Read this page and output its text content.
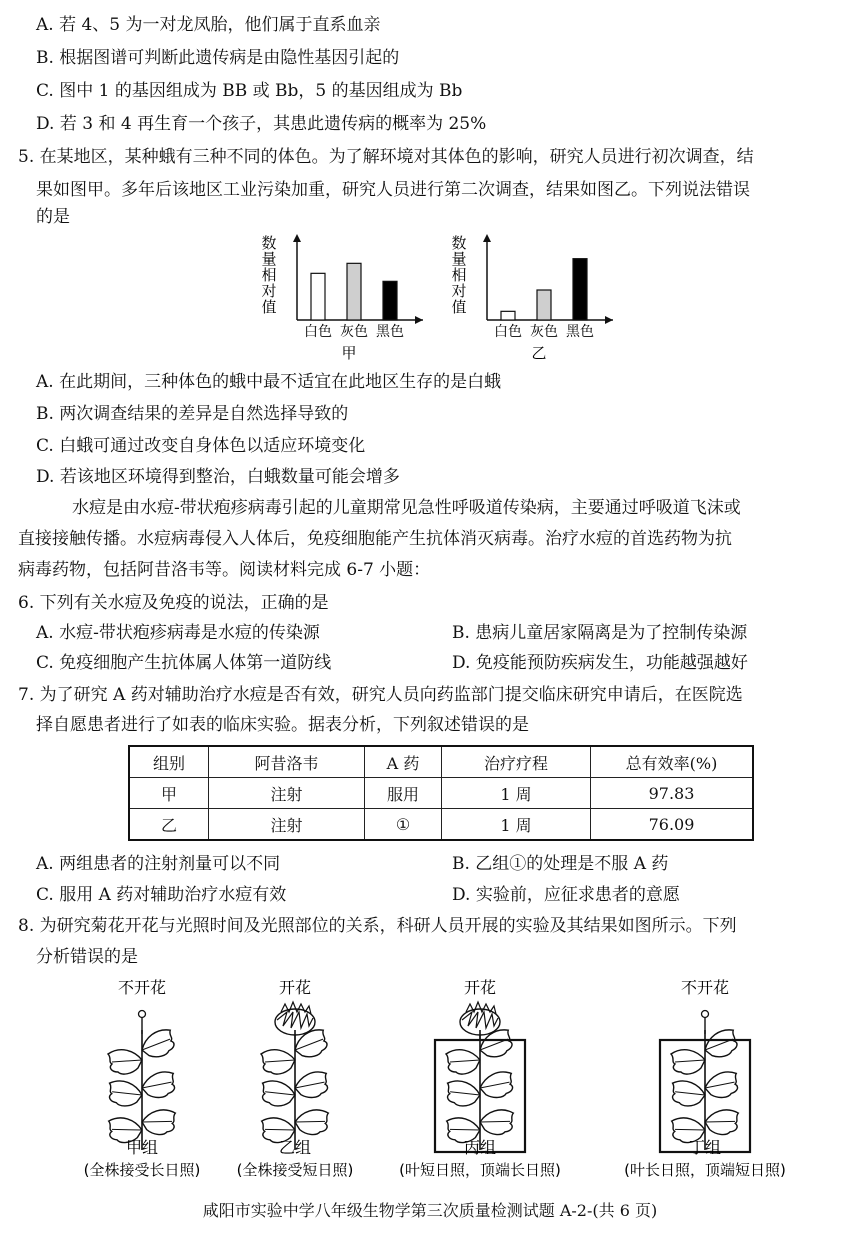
A. 若 4、5 为一对龙凤胎，他们属于直系血亲
B. 根据图谱可判断此遗传病是由隐性基因引起的
C. 图中 1 的基因组成为 BB 或 Bb，5 的基因组成为 Bb
D. 若 3 和 4 再生育一个孩子，其患此遗传病的概率为 25%
5. 在某地区，某种蛾有三种不同的体色。为了解环境对其体色的影响，研究人员进行初次调查，结
果如图甲。多年后该地区工业污染加重，研究人员进行第二次调查，结果如图乙。下列说法错误
的是
数量相对值
白色 灰色 黑色
甲
数量相对值
白色 灰色 黑色
乙
A. 在此期间，三种体色的蛾中最不适宜在此地区生存的是白蛾
B. 两次调查结果的差异是自然选择导致的
C. 白蛾可通过改变自身体色以适应环境变化
D. 若该地区环境得到整治，白蛾数量可能会增多
水痘是由水痘-带状疱疹病毒引起的儿童期常见急性呼吸道传染病，主要通过呼吸道飞沫或
直接接触传播。水痘病毒侵入人体后，免疫细胞能产生抗体消灭病毒。治疗水痘的首选药物为抗
病毒药物，包括阿昔洛韦等。阅读材料完成 6-7 小题：
6. 下列有关水痘及免疫的说法，正确的是
A. 水痘-带状疱疹病毒是水痘的传染源	B. 患病儿童居家隔离是为了控制传染源
C. 免疫细胞产生抗体属人体第一道防线	D. 免疫能预防疾病发生，功能越强越好
7. 为了研究 A 药对辅助治疗水痘是否有效，研究人员向药监部门提交临床研究申请后，在医院选
择自愿患者进行了如表的临床实验。据表分析，下列叙述错误的是
组别	阿昔洛韦	A 药	治疗疗程	总有效率(%)
甲	注射	服用	1 周	97.83
乙	注射	①	1 周	76.09
A. 两组患者的注射剂量可以不同	B. 乙组①的处理是不服 A 药
C. 服用 A 药对辅助治疗水痘有效	D. 实验前，应征求患者的意愿
8. 为研究菊花开花与光照时间及光照部位的关系，科研人员开展的实验及其结果如图所示。下列
分析错误的是
不开花
甲组
(全株接受长日照)
开花
乙组
(全株接受短日照)
开花
丙组
(叶短日照，顶端长日照)
不开花
丁组
(叶长日照，顶端短日照)
咸阳市实验中学八年级生物学第三次质量检测试题 A-2-(共 6 页)
